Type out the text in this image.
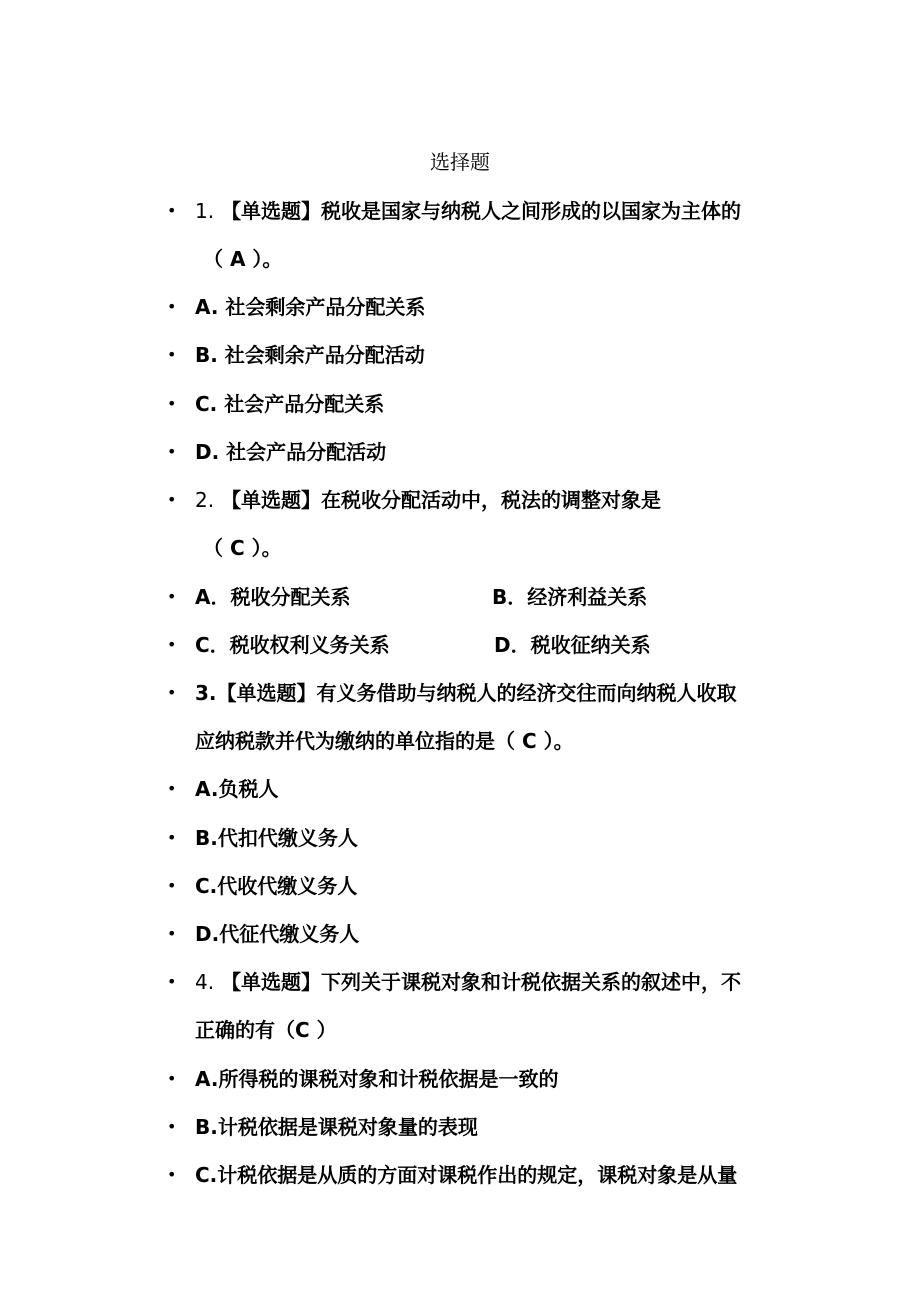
选择题
• 1. 【单选题】税收是国家与纳税人之间形成的以国家为主体的
（ A ）。
• A. 社会剩余产品分配关系
• B. 社会剩余产品分配活动
• C. 社会产品分配关系
• D. 社会产品分配活动
• 2. 【单选题】在税收分配活动中，税法的调整对象是
（ C ）。
• A．税收分配关系	B．经济利益关系
• C．税收权利义务关系	D．税收征纳关系
• 3.【单选题】有义务借助与纳税人的经济交往而向纳税人收取
应纳税款并代为缴纳的单位指的是（ C ）。
• A.负税人
• B.代扣代缴义务人
• C.代收代缴义务人
• D.代征代缴义务人
• 4. 【单选题】下列关于课税对象和计税依据关系的叙述中，不
正确的有（C ）
• A.所得税的课税对象和计税依据是一致的
• B.计税依据是课税对象量的表现
• C.计税依据是从质的方面对课税作出的规定，课税对象是从量
